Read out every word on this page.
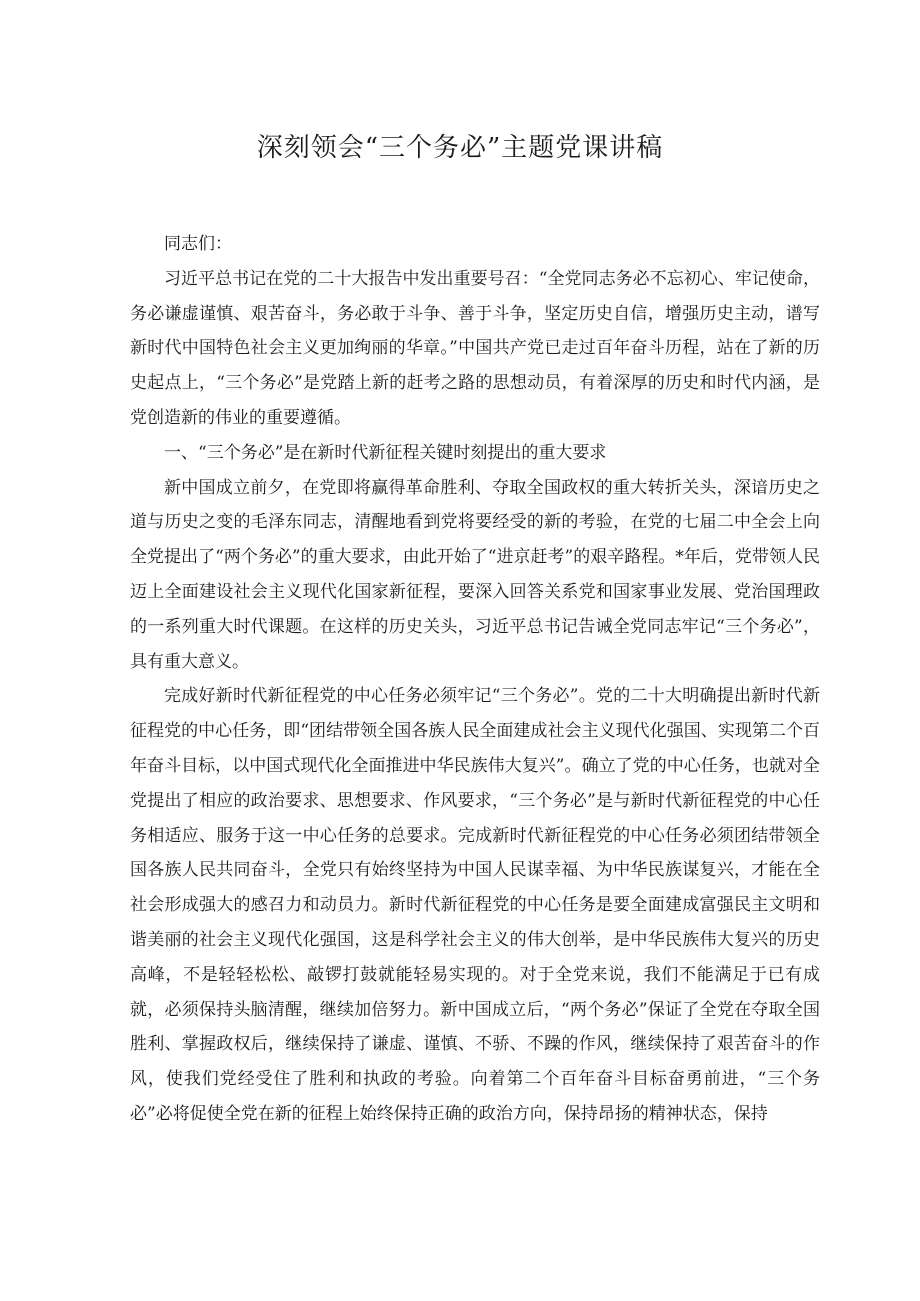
深刻领会“三个务必”主题党课讲稿

同志们：

习近平总书记在党的二十大报告中发出重要号召：“全党同志务必不忘初心、牢记使命，务必谦虚谨慎、艰苦奋斗，务必敢于斗争、善于斗争，坚定历史自信，增强历史主动，谱写新时代中国特色社会主义更加绚丽的华章。”中国共产党已走过百年奋斗历程，站在了新的历史起点上，“三个务必”是党踏上新的赶考之路的思想动员，有着深厚的历史和时代内涵，是党创造新的伟业的重要遵循。

一、“三个务必”是在新时代新征程关键时刻提出的重大要求

新中国成立前夕，在党即将赢得革命胜利、夺取全国政权的重大转折关头，深谙历史之道与历史之变的毛泽东同志，清醒地看到党将要经受的新的考验，在党的七届二中全会上向全党提出了“两个务必”的重大要求，由此开始了“进京赶考”的艰辛路程。*年后，党带领人民迈上全面建设社会主义现代化国家新征程，要深入回答关系党和国家事业发展、党治国理政的一系列重大时代课题。在这样的历史关头，习近平总书记告诫全党同志牢记“三个务必”，具有重大意义。

完成好新时代新征程党的中心任务必须牢记“三个务必”。党的二十大明确提出新时代新征程党的中心任务，即“团结带领全国各族人民全面建成社会主义现代化强国、实现第二个百年奋斗目标，以中国式现代化全面推进中华民族伟大复兴”。确立了党的中心任务，也就对全党提出了相应的政治要求、思想要求、作风要求，“三个务必”是与新时代新征程党的中心任务相适应、服务于这一中心任务的总要求。完成新时代新征程党的中心任务必须团结带领全国各族人民共同奋斗，全党只有始终坚持为中国人民谋幸福、为中华民族谋复兴，才能在全社会形成强大的感召力和动员力。新时代新征程党的中心任务是要全面建成富强民主文明和谐美丽的社会主义现代化强国，这是科学社会主义的伟大创举，是中华民族伟大复兴的历史高峰，不是轻轻松松、敲锣打鼓就能轻易实现的。对于全党来说，我们不能满足于已有成就，必须保持头脑清醒，继续加倍努力。新中国成立后，“两个务必”保证了全党在夺取全国胜利、掌握政权后，继续保持了谦虚、谨慎、不骄、不躁的作风，继续保持了艰苦奋斗的作风，使我们党经受住了胜利和执政的考验。向着第二个百年奋斗目标奋勇前进，“三个务必”必将促使全党在新的征程上始终保持正确的政治方向，保持昂扬的精神状态，保持
